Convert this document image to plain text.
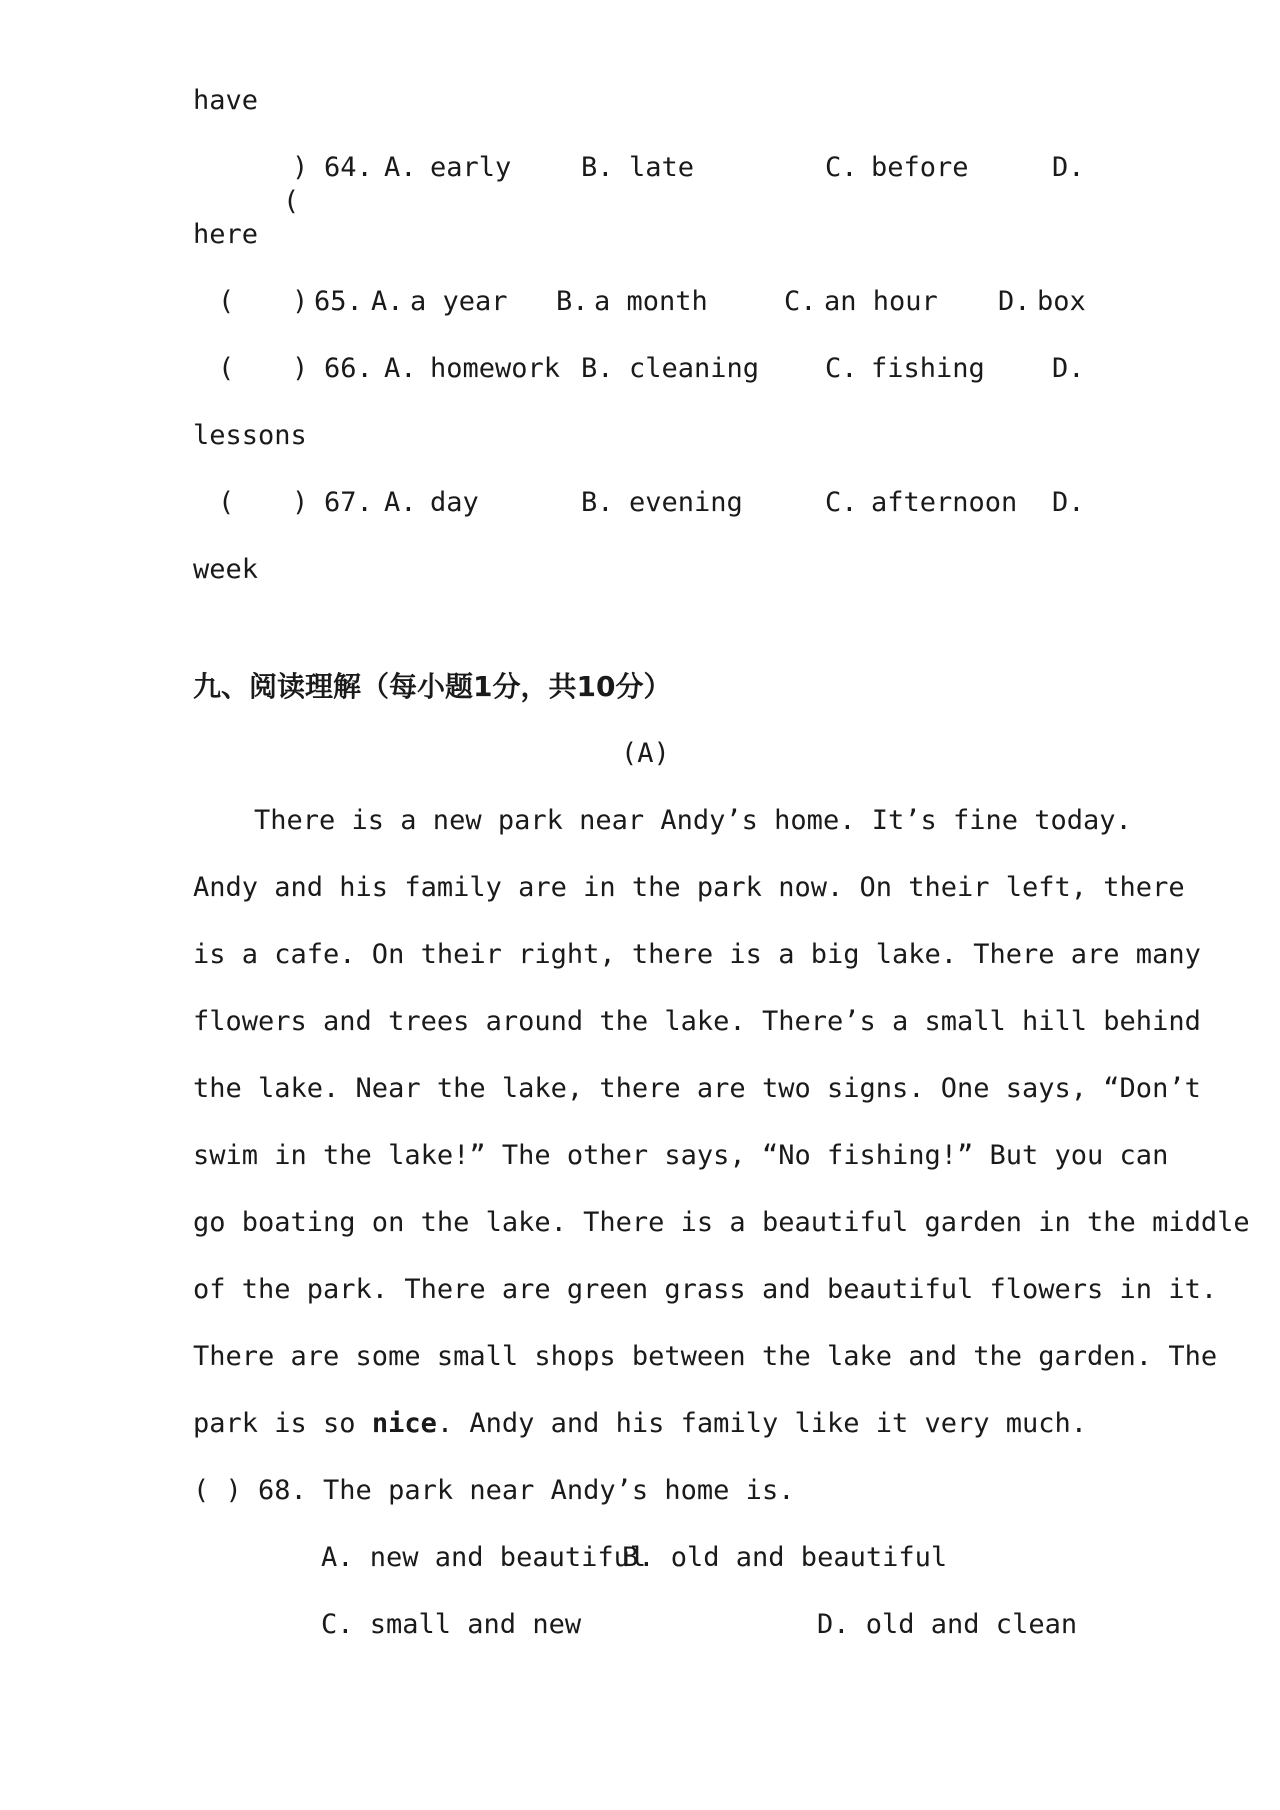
have

(

) 64. A. early	B. late	C. before	D.
here
( ) 65. A. a year B. a month	C. an hour D. box
( ) 66. A. homework B. cleaning C. fishing D.
lessons
( ) 67. A. day	B. evening	C. afternoon D.
week
九、阅读理解（每小题1分，共10分）
(A)
There is a new park near Andy’s home. It’s fine today.
Andy and his family are in the park now. On their left, there
is a cafe. On their right, there is a big lake. There are many
flowers and trees around the lake. There’s a small hill behind
the lake. Near the lake, there are two signs. One says, “Don’t
swim in the lake!” The other says, “No fishing!” But you can
go boating on the lake. There is a beautiful garden in the middle
of the park. There are green grass and beautiful flowers in it.
There are some small shops between the lake and the garden. The
park is so nice. Andy and his family like it very much.
( ) 68. The park near Andy’s home is.
A. new and beautiful
B. old and beautiful
C. small and new	D. old and clean
